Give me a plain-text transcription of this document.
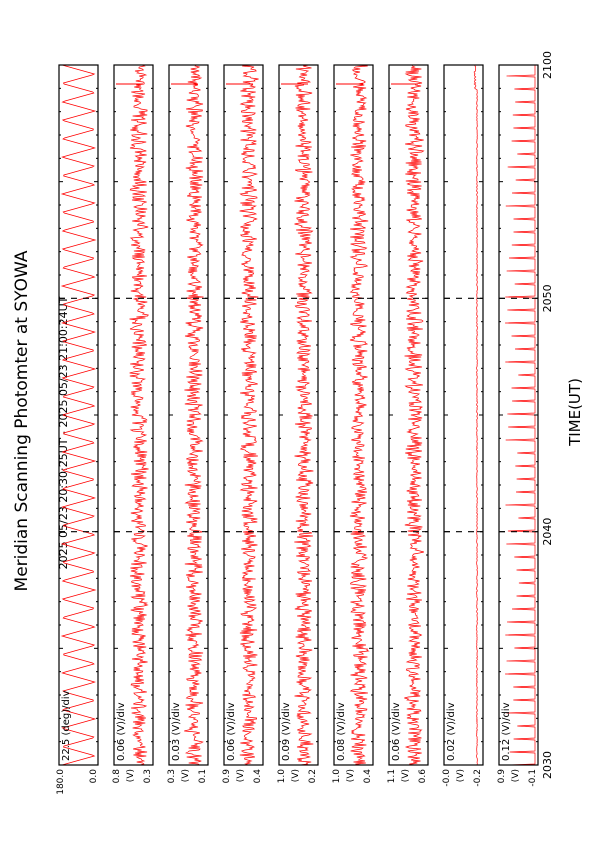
Meridian Scanning Photomter at SYOWA 2025 05/23 20:30:25UT - 2025 05/23 21:00:24UT	TIME(UT)
22.5 (deg)/div
180.0	0.0
0.06 (V)/div
0.8 0.3
(V)
0.03 (V)/div
0.3 0.1
(V)
0.06 (V)/div
0.9 0.4
(V)
0.09 (V)/div
1.0 0.2
(V)
0.08 (V)/div
1.0 0.4
(V)
0.06 (V)/div
1.1 0.6
(V)
0.02 (V)/div
-0.0 -0.2
(V)
0.12 (V)/div
0.9 -0.1
(V) 2030
2040
2050
2100
